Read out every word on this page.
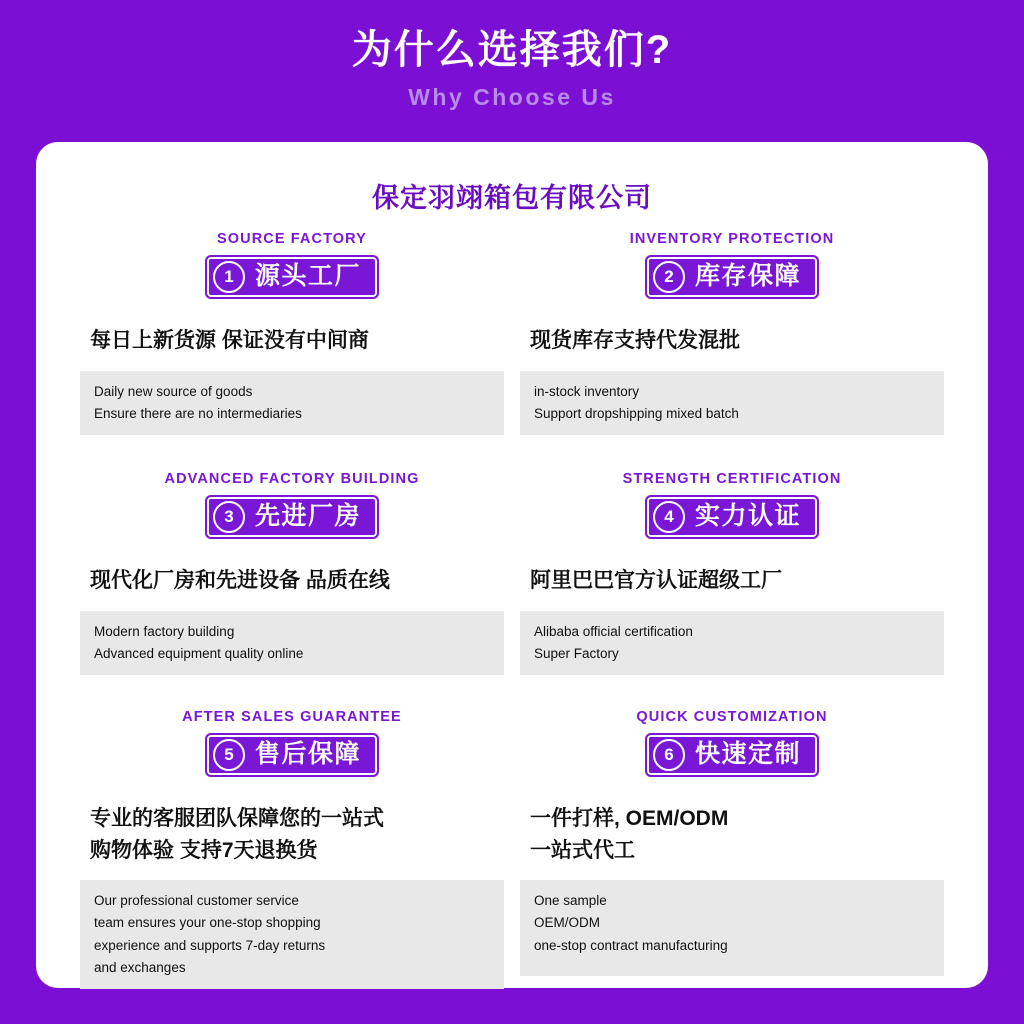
为什么选择我们?
Why Choose Us
保定羽翊箱包有限公司
SOURCE FACTORY
1 源头工厂
每日上新货源 保证没有中间商
Daily new source of goods
Ensure there are no intermediaries
INVENTORY PROTECTION
2 库存保障
现货库存支持代发混批
in-stock inventory
Support dropshipping mixed batch
ADVANCED FACTORY BUILDING
3 先进厂房
现代化厂房和先进设备 品质在线
Modern factory building
Advanced equipment quality online
STRENGTH CERTIFICATION
4 实力认证
阿里巴巴官方认证超级工厂
Alibaba official certification
Super Factory
AFTER SALES GUARANTEE
5 售后保障
专业的客服团队保障您的一站式
购物体验 支持7天退换货
Our professional customer service
team ensures your one-stop shopping
experience and supports 7-day returns
and exchanges
QUICK CUSTOMIZATION
6 快速定制
一件打样, OEM/ODM
一站式代工
One sample
OEM/ODM
one-stop contract manufacturing
